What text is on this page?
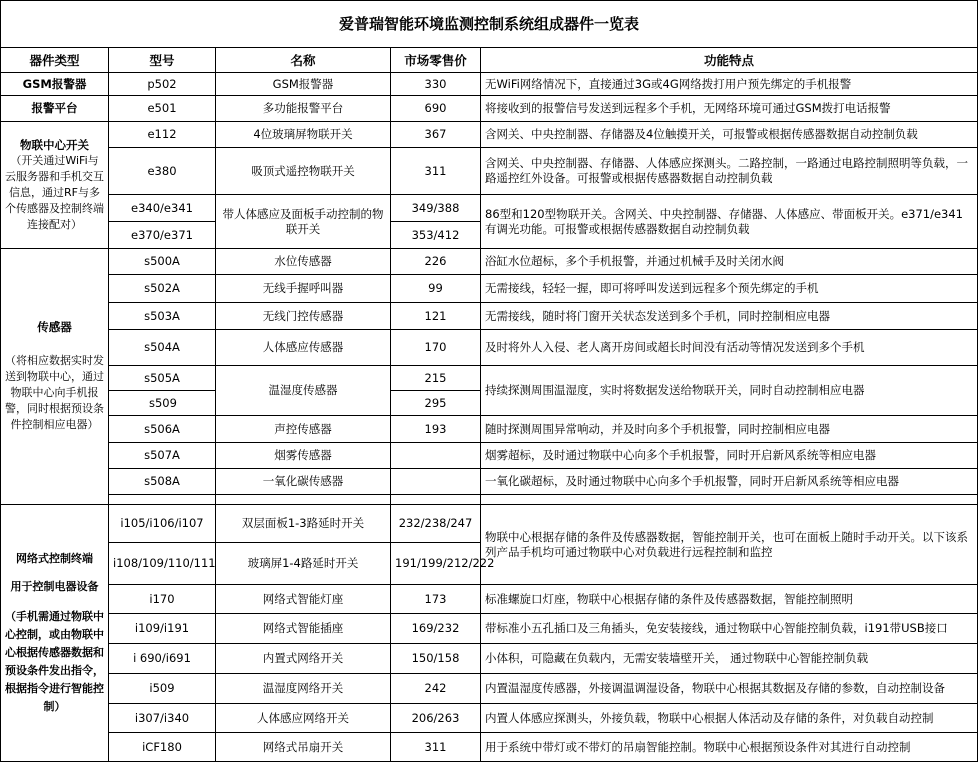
爱普瑞智能环境监测控制系统组成器件一览表				
器件类型	型号	名称	市场零售价	功能特点
GSM报警器	p502	GSM报警器	330	无WiFi网络情况下，直接通过3G或4G网络拨打用户预先绑定的手机报警
报警平台	e501	多功能报警平台	690	将接收到的报警信号发送到远程多个手机，无网络环境可通过GSM拨打电话报警

物联中心开关
（开关通过WiFi与云服务器和手机交互信息，通过RF与多个传感器及控制终端连接配对）	e112	4位玻璃屏物联开关	367	含网关、中央控制器、存储器及4位触摸开关，可报警或根据传感器数据自动控制负载
	e380	吸顶式遥控物联开关	311	含网关、中央控制器、存储器、人体感应探测头。二路控制，一路通过电路控制照明等负载，一路遥控红外设备。可报警或根据传感器数据自动控制负载
	e340/e341	带人体感应及面板手动控制的物联开关	349/388	86型和120型物联开关。含网关、中央控制器、存储器、人体感应、带面板开关。e371/e341有调光功能。可报警或根据传感器数据自动控制负载
	e370/e371		353/412	

传感器
（将相应数据实时发送到物联中心，通过物联中心向手机报警，同时根据预设条件控制相应电器）	s500A	水位传感器	226	浴缸水位超标，多个手机报警，并通过机械手及时关闭水阀
	s502A	无线手握呼叫器	99	无需接线，轻轻一握，即可将呼叫发送到远程多个预先绑定的手机
	s503A	无线门控传感器	121	无需接线，随时将门窗开关状态发送到多个手机，同时控制相应电器
	s504A	人体感应传感器	170	及时将外人入侵、老人离开房间或超长时间没有活动等情况发送到多个手机
	s505A	温湿度传感器	215	持续探测周围温湿度，实时将数据发送给物联开关，同时自动控制相应电器
	s509		295	
	s506A	声控传感器	193	随时探测周围异常响动，并及时向多个手机报警，同时控制相应电器
	s507A	烟雾传感器		烟雾超标，及时通过物联中心向多个手机报警，同时开启新风系统等相应电器
	s508A	一氧化碳传感器		一氧化碳超标，及时通过物联中心向多个手机报警，同时开启新风系统等相应电器

网络式控制终端
用于控制电器设备
（手机需通过物联中心控制，或由物联中心根据传感器数据和预设条件发出指令，根据指令进行智能控制）	i105/i106/i107	双层面板1-3路延时开关	232/238/247	物联中心根据存储的条件及传感器数据，智能控制开关，也可在面板上随时手动开关。以下该系列产品手机均可通过物联中心对负载进行远程控制和监控
	i108/109/110/111	玻璃屏1-4路延时开关	191/199/212/222	
	i170	网络式智能灯座	173	标准螺旋口灯座，物联中心根据存储的条件及传感器数据，智能控制照明
	i109/i191	网络式智能插座	169/232	带标准小五孔插口及三角插头，免安装接线，通过物联中心智能控制负载，i191带USB接口
	i 690/i691	内置式网络开关	150/158	小体积，可隐藏在负载内，无需安装墙壁开关， 通过物联中心智能控制负载
	i509	温湿度网络开关	242	内置温湿度传感器，外接调温调湿设备，物联中心根据其数据及存储的参数，自动控制设备
	i307/i340	人体感应网络开关	206/263	内置人体感应探测头，外接负载，物联中心根据人体活动及存储的条件，对负载自动控制
	iCF180	网络式吊扇开关	311	用于系统中带灯或不带灯的吊扇智能控制。物联中心根据预设条件对其进行自动控制
